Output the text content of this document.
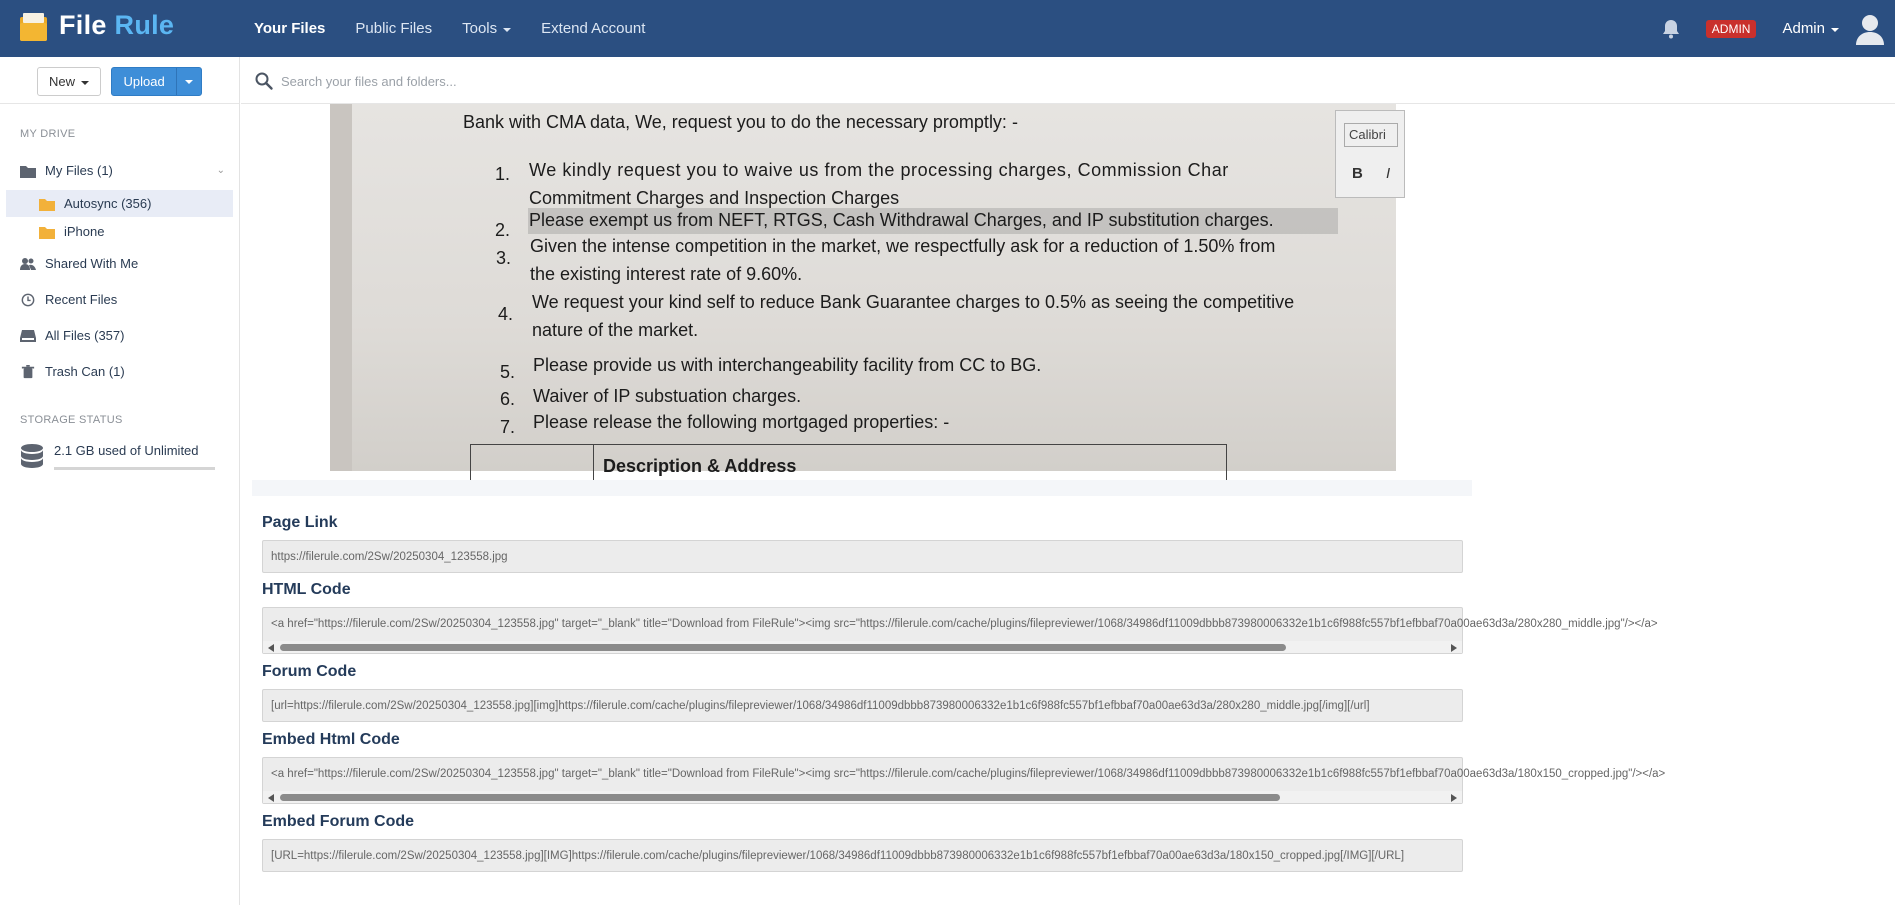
File Rule	Your Files Public Files Tools	Extend Account	ADMIN	Admin
New	Upload
MY DRIVE
My Files (1)	⌄
Autosync (356)
iPhone
Shared With Me
Recent Files
All Files (357)
Trash Can (1)
STORAGE STATUS
2.1 GB used of Unlimited
Search your files and folders...
Bank with CMA data, We, request you to do the necessary promptly: -
1. We kindly request you to waive us from the processing charges, Commission Char
Commitment Charges and Inspection Charges
2. Please exempt us from NEFT, RTGS, Cash Withdrawal Charges, and IP substitution charges.
3.
Given the intense competition in the market, we respectfully ask for a reduction of 1.50% from
the existing interest rate of 9.60%.
4.
We request your kind self to reduce Bank Guarantee charges to 0.5% as seeing the competitive
nature of the market.
5. Please provide us with interchangeability facility from CC to BG.
6. Waiver of IP substuation charges.
7. Please release the following mortgaged properties: -
Description & Address
Calibri
B I
Page Link
https://filerule.com/2Sw/20250304_123558.jpg
HTML Code
<a href="https://filerule.com/2Sw/20250304_123558.jpg" target="_blank" title="Download from FileRule"><img src="https://filerule.com/cache/plugins/filepreviewer/1068/34986df11009dbbb873980006332e1b1c6f988fc557bf1efbbaf70a00ae63d3a/280x280_middle.jpg"/></a>
Forum Code
[url=https://filerule.com/2Sw/20250304_123558.jpg][img]https://filerule.com/cache/plugins/filepreviewer/1068/34986df11009dbbb873980006332e1b1c6f988fc557bf1efbbaf70a00ae63d3a/280x280_middle.jpg[/img][/url]
Embed Html Code
<a href="https://filerule.com/2Sw/20250304_123558.jpg" target="_blank" title="Download from FileRule"><img src="https://filerule.com/cache/plugins/filepreviewer/1068/34986df11009dbbb873980006332e1b1c6f988fc557bf1efbbaf70a00ae63d3a/180x150_cropped.jpg"/></a>
Embed Forum Code
[URL=https://filerule.com/2Sw/20250304_123558.jpg][IMG]https://filerule.com/cache/plugins/filepreviewer/1068/34986df11009dbbb873980006332e1b1c6f988fc557bf1efbbaf70a00ae63d3a/180x150_cropped.jpg[/IMG][/URL]
